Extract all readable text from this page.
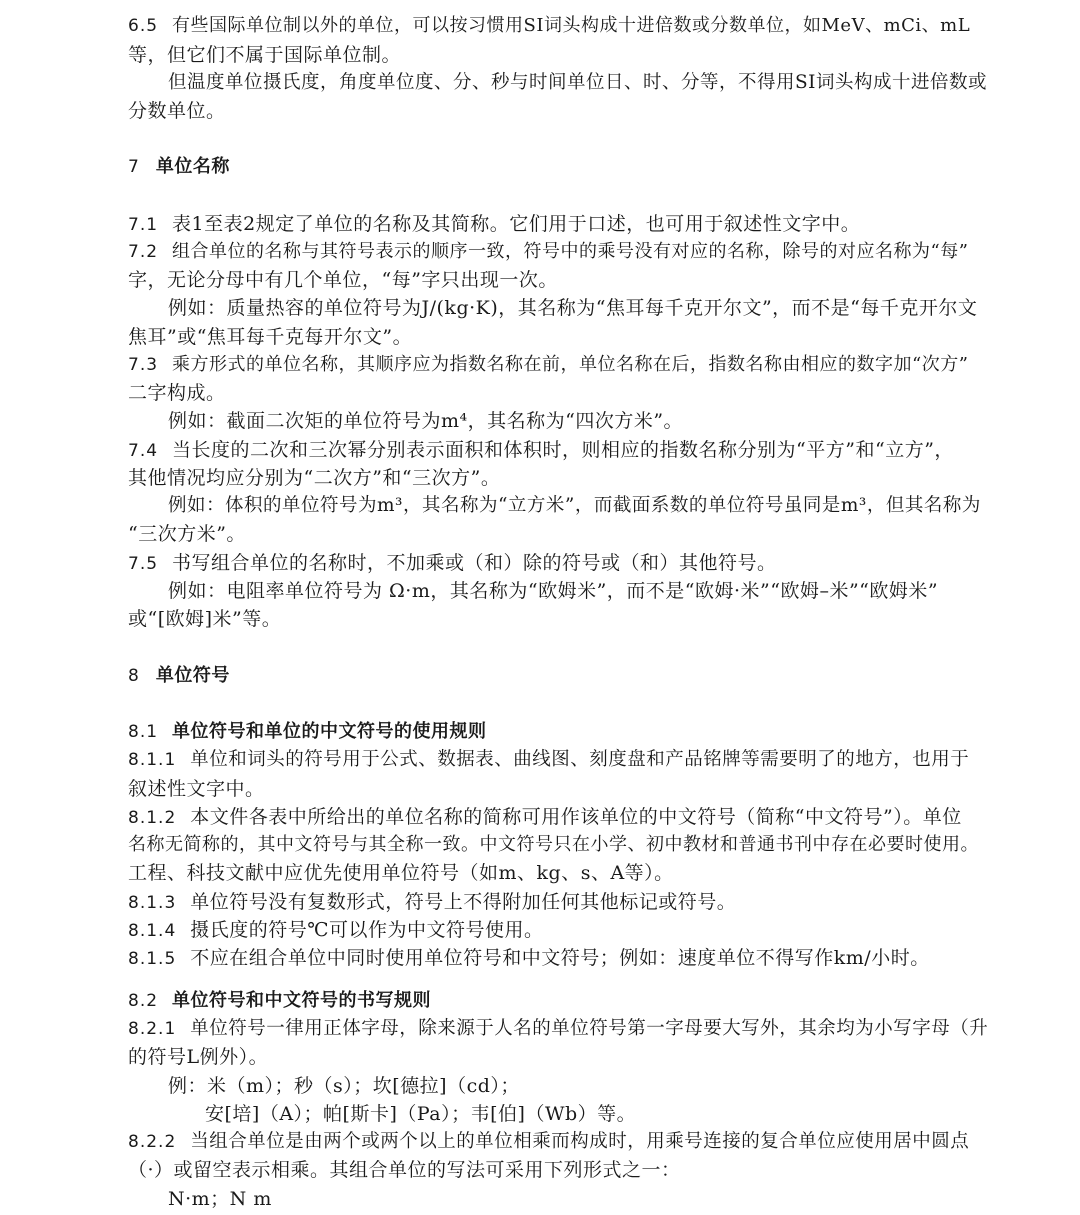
6.5 有些国际单位制以外的单位，可以按习惯用SI词头构成十进倍数或分数单位，如MeV、mCi、mL
等，但它们不属于国际单位制。
但温度单位摄氏度，角度单位度、分、秒与时间单位日、时、分等，不得用SI词头构成十进倍数或
分数单位。
7 单位名称
7.1 表1至表2规定了单位的名称及其简称。它们用于口述，也可用于叙述性文字中。
7.2 组合单位的名称与其符号表示的顺序一致，符号中的乘号没有对应的名称，除号的对应名称为“每”
字，无论分母中有几个单位，“每”字只出现一次。
例如：质量热容的单位符号为J/(kg·K)，其名称为“焦耳每千克开尔文”，而不是“每千克开尔文
焦耳”或“焦耳每千克每开尔文”。
7.3 乘方形式的单位名称，其顺序应为指数名称在前，单位名称在后，指数名称由相应的数字加“次方”
二字构成。
例如：截面二次矩的单位符号为m⁴，其名称为“四次方米”。
7.4 当长度的二次和三次幂分别表示面积和体积时，则相应的指数名称分别为“平方”和“立方”，
其他情况均应分别为“二次方”和“三次方”。
例如：体积的单位符号为m³，其名称为“立方米”，而截面系数的单位符号虽同是m³，但其名称为
“三次方米”。
7.5 书写组合单位的名称时，不加乘或（和）除的符号或（和）其他符号。
例如：电阻率单位符号为 Ω·m，其名称为“欧姆米”，而不是“欧姆·米”“欧姆–米”“欧姆米”
或“[欧姆]米”等。
8 单位符号
8.1 单位符号和单位的中文符号的使用规则
8.1.1 单位和词头的符号用于公式、数据表、曲线图、刻度盘和产品铭牌等需要明了的地方，也用于
叙述性文字中。
8.1.2 本文件各表中所给出的单位名称的简称可用作该单位的中文符号（简称“中文符号”）。单位
名称无简称的，其中文符号与其全称一致。中文符号只在小学、初中教材和普通书刊中存在必要时使用。
工程、科技文献中应优先使用单位符号（如m、kg、s、A等）。
8.1.3 单位符号没有复数形式，符号上不得附加任何其他标记或符号。
8.1.4 摄氏度的符号℃可以作为中文符号使用。
8.1.5 不应在组合单位中同时使用单位符号和中文符号；例如：速度单位不得写作km/小时。
8.2 单位符号和中文符号的书写规则
8.2.1 单位符号一律用正体字母，除来源于人名的单位符号第一字母要大写外，其余均为小写字母（升
的符号L例外）。
例：米（m）；秒（s）；坎[德拉]（cd）；
安[培]（A）；帕[斯卡]（Pa）；韦[伯]（Wb）等。
8.2.2 当组合单位是由两个或两个以上的单位相乘而构成时，用乘号连接的复合单位应使用居中圆点
（·）或留空表示相乘。其组合单位的写法可采用下列形式之一：
N·m；N m
